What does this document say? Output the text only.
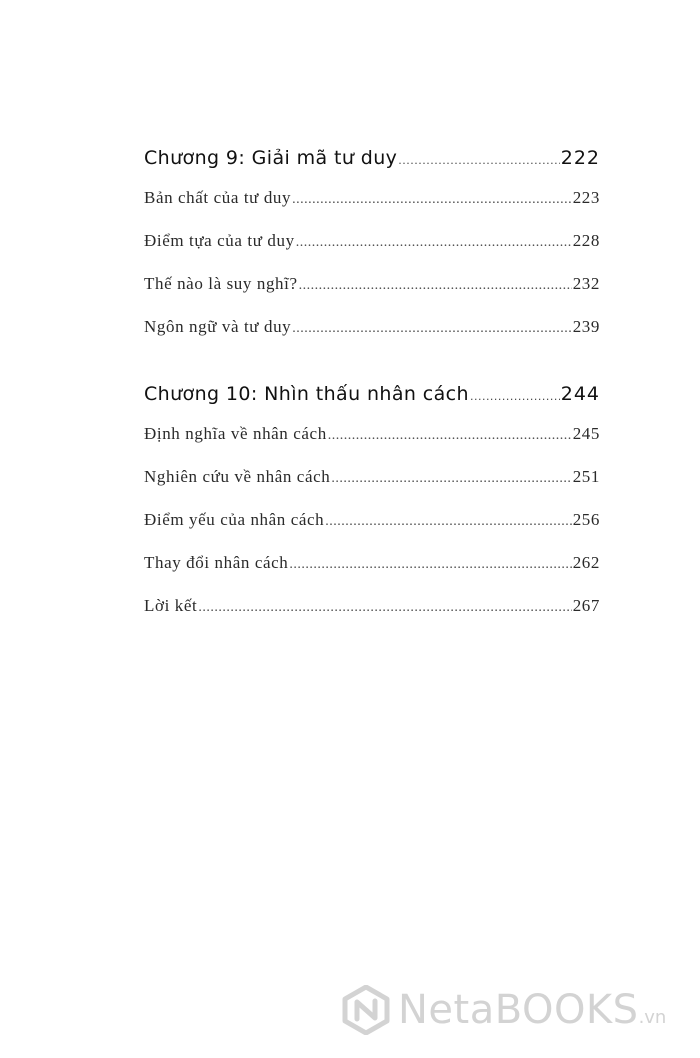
Chương 9: Giải mã tư duy .....	222
Bản chất của tư duy .....	223
Điểm tựa của tư duy .....	228
Thế nào là suy nghĩ? .....	232
Ngôn ngữ và tư duy .....	239
Chương 10: Nhìn thấu nhân cách .....	244
Định nghĩa về nhân cách .....	245
Nghiên cứu về nhân cách .....	251
Điểm yếu của nhân cách .....	256
Thay đổi nhân cách .....	262
Lời kết .....	267
NetaBOOKS .vn
